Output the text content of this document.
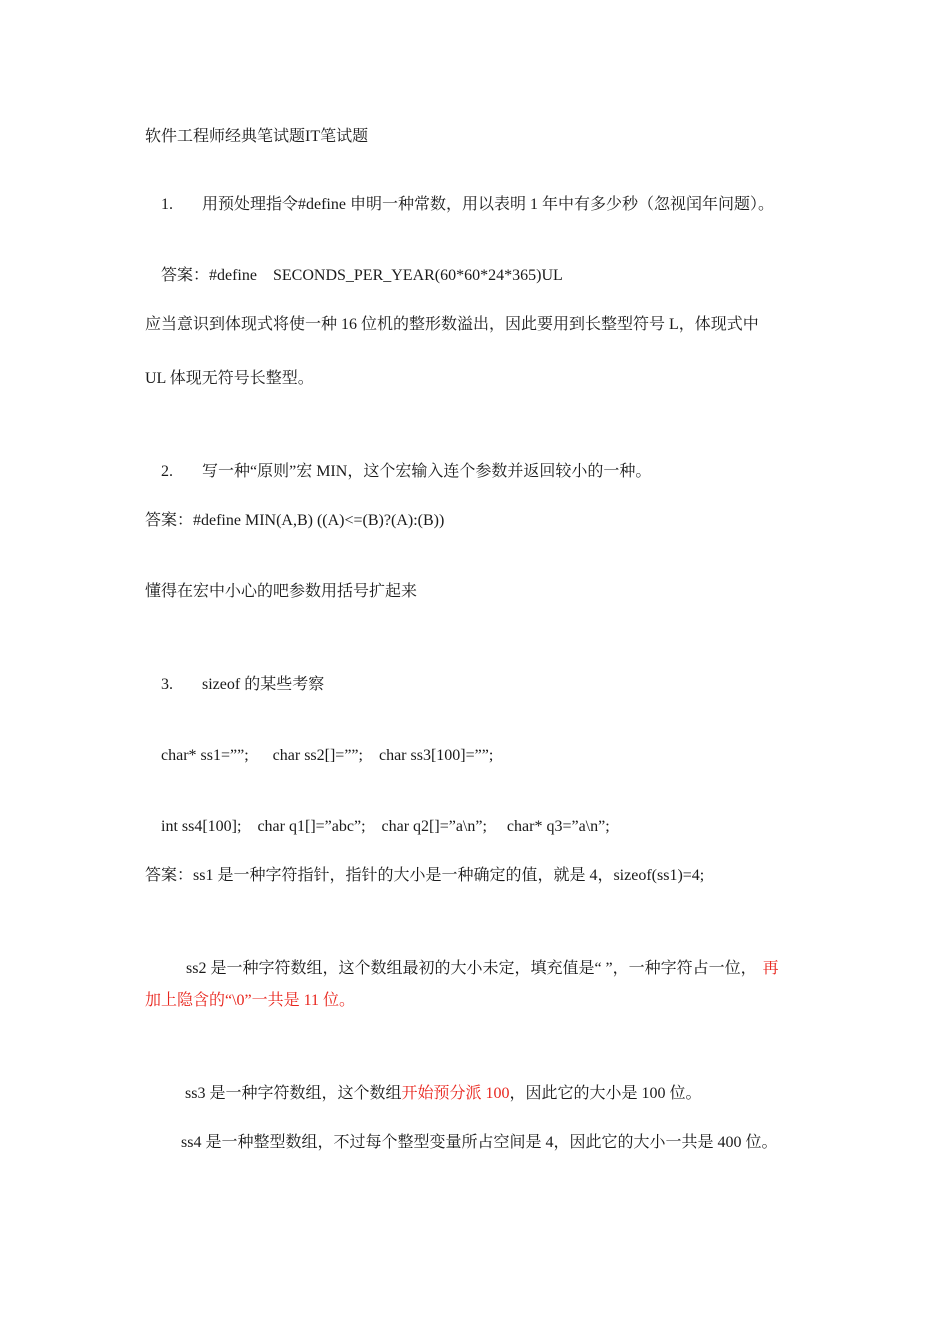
软件工程师经典笔试题IT笔试题

1. 用预处理指令#define 申明一种常数，用以表明 1 年中有多少秒（忽视闰年问题）。

答案：#define SECONDS_PER_YEAR(60*60*24*365)UL

应当意识到体现式将使一种 16 位机的整形数溢出，因此要用到长整型符号 L，体现式中
UL 体现无符号长整型。

2. 写一种“原则”宏 MIN，这个宏输入连个参数并返回较小的一种。

答案：#define MIN(A,B) ((A)<=(B)?(A):(B))
懂得在宏中小心的吧参数用括号扩起来

3. sizeof 的某些考察

char* ss1=””; char ss2[]=””; char ss3[100]=””;

int ss4[100]; char q1[]=”abc”; char q2[]=”a\n”; char* q3=”a\n”;

答案：ss1 是一种字符指针，指针的大小是一种确定的值，就是 4，sizeof(ss1)=4;

ss2 是一种字符数组，这个数组最初的大小未定，填充值是“ ”，一种字符占一位， 再

加上隐含的“\0”一共是 11 位。

ss3 是一种字符数组，这个数组开始预分派 100，因此它的大小是 100 位。

ss4 是一种整型数组，不过每个整型变量所占空间是 4，因此它的大小一共是 400 位。
